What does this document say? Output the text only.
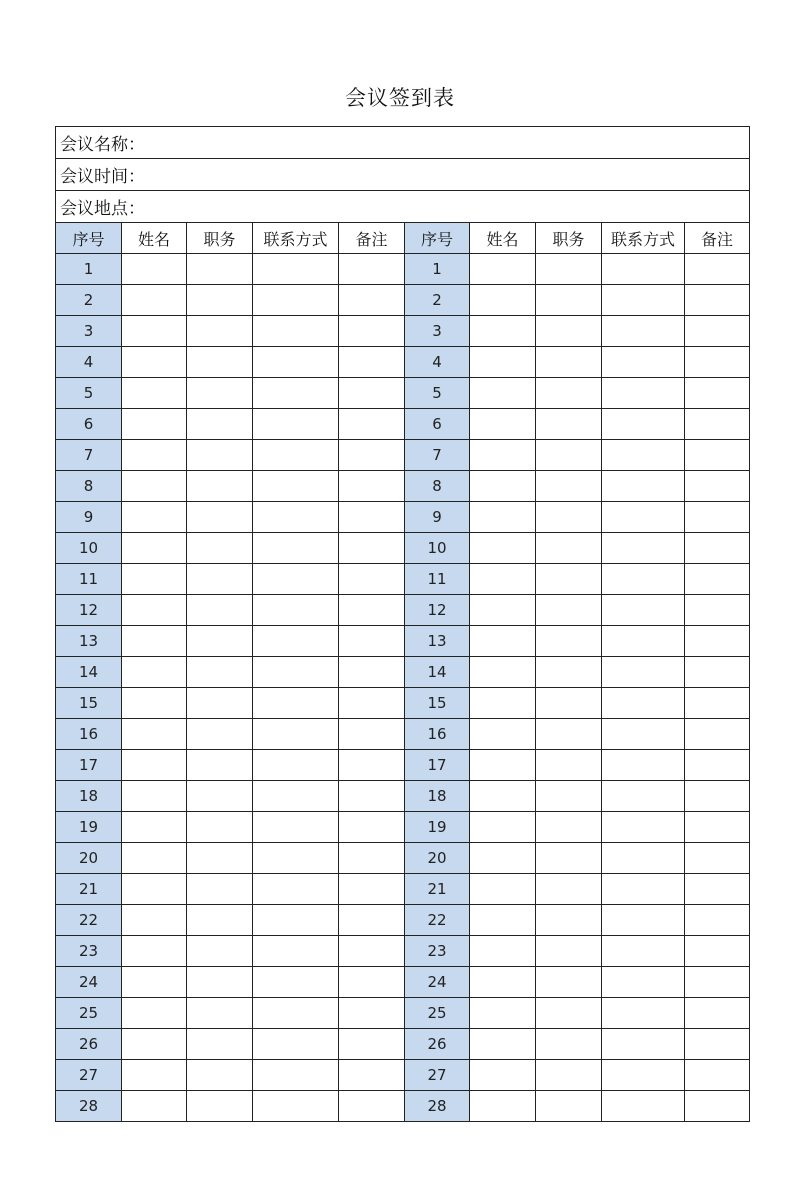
会议签到表
会议名称：									
会议时间：									
会议地点：									
序号	姓名	职务	联系方式	备注	序号	姓名	职务	联系方式	备注
1					1				
2					2				
3					3				
4					4				
5					5				
6					6				
7					7				
8					8				
9					9				
10					10				
11					11				
12					12				
13					13				
14					14				
15					15				
16					16				
17					17				
18					18				
19					19				
20					20				
21					21				
22					22				
23					23				
24					24				
25					25				
26					26				
27					27				
28					28				
